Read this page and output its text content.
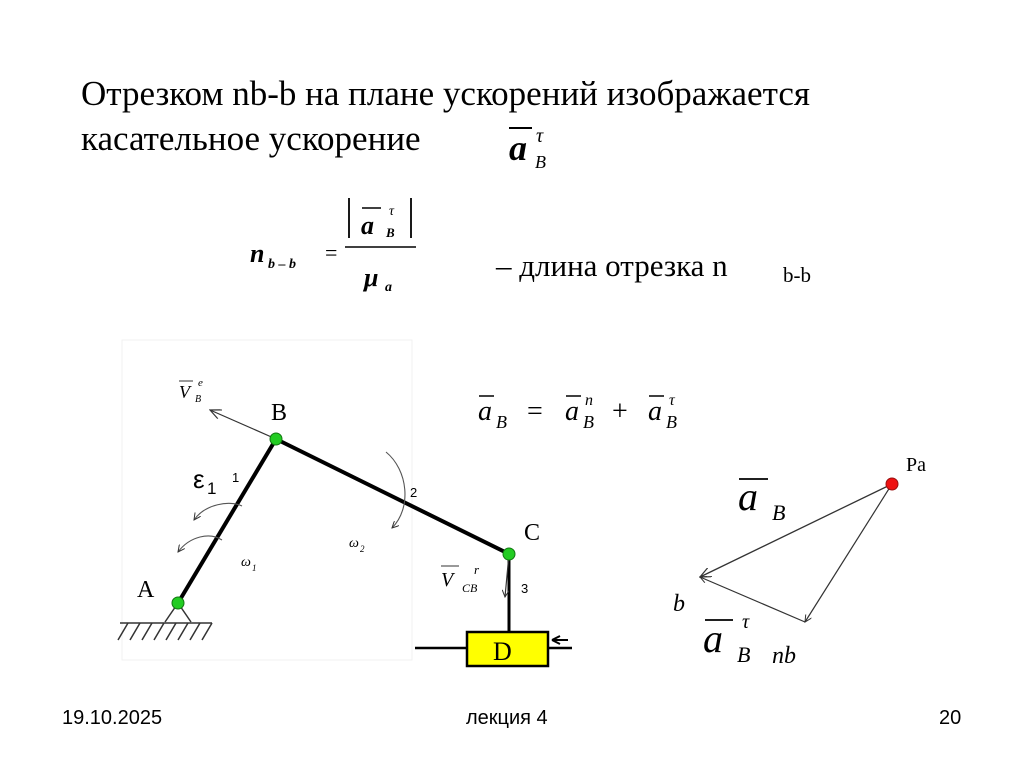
Отрезком nb-b на плане ускорений изображается
касательное ускорение	a τ
B
n b – b =
a τ
B
μ a
– длина отрезка n	b-b
D
A
B
C
ε 1
1
2
3
ω 1
ω 2
V e
B
V r
CB
a B = a n
B + a τ
B
Pa
a B
b
a τ
B nb
19.10.2025	лекция 4	20
